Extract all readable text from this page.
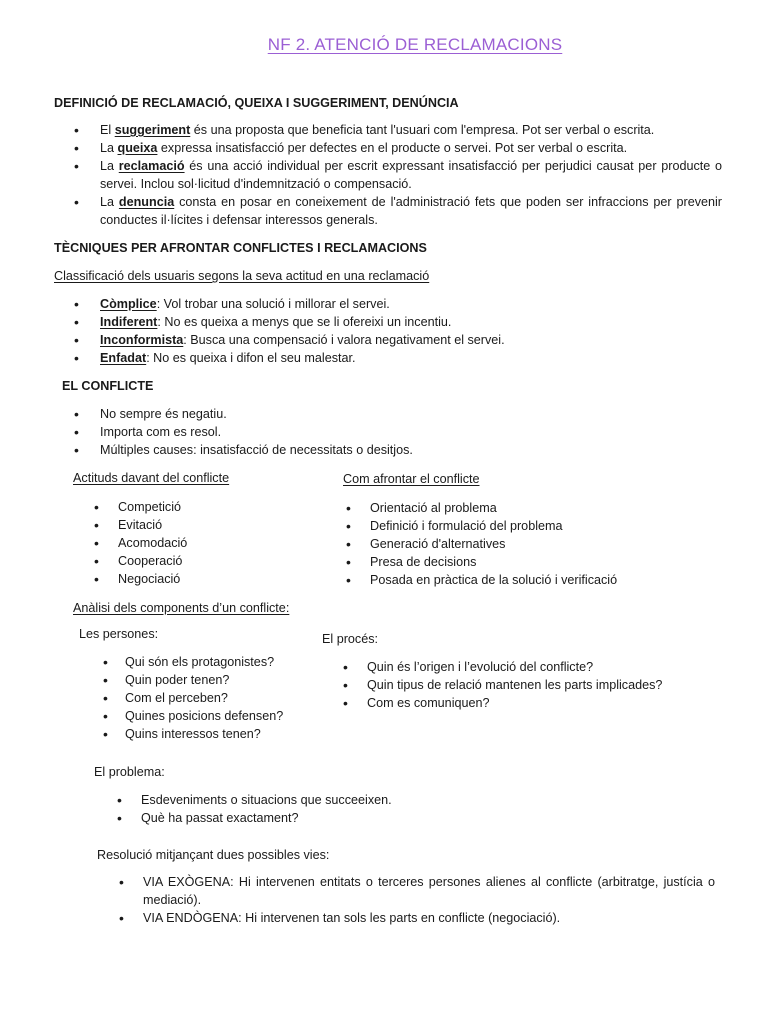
NF 2. ATENCIÓ DE RECLAMACIONS
DEFINICIÓ DE RECLAMACIÓ, QUEIXA I SUGGERIMENT, DENÚNCIA
• El suggeriment és una proposta que beneficia tant l'usuari com l'empresa. Pot ser verbal o escrita.
• La queixa expressa insatisfacció per defectes en el producte o servei. Pot ser verbal o escrita.
• La reclamació és una acció individual per escrit expressant insatisfacció per perjudici causat per producte o servei. Inclou sol·licitud d'indemnització o compensació.
• La denuncia consta en posar en coneixement de l'administració fets que poden ser infraccions per prevenir conductes il·lícites i defensar interessos generals.
TÈCNIQUES PER AFRONTAR CONFLICTES I RECLAMACIONS
Classificació dels usuaris segons la seva actitud en una reclamació
• Còmplice: Vol trobar una solució i millorar el servei.
• Indiferent: No es queixa a menys que se li ofereixi un incentiu.
• Inconformista: Busca una compensació i valora negativament el servei.
• Enfadat: No es queixa i difon el seu malestar.
EL CONFLICTE
• No sempre és negatiu.
• Importa com es resol.
• Múltiples causes: insatisfacció de necessitats o desitjos.
Actituds davant del conflicte
• Competició
• Evitació
• Acomodació
• Cooperació
• Negociació
Com afrontar el conflicte
• Orientació al problema
• Definició i formulació del problema
• Generació d'alternatives
• Presa de decisions
• Posada en pràctica de la solució i verificació
Anàlisi dels components d’un conflicte:
Les persones:
• Qui són els protagonistes?
• Quin poder tenen?
• Com el perceben?
• Quines posicions defensen?
• Quins interessos tenen?
El procés:
• Quin és l’origen i l’evolució del conflicte?
• Quin tipus de relació mantenen les parts implicades?
• Com es comuniquen?
El problema:
• Esdeveniments o situacions que succeeixen.
• Què ha passat exactament?
Resolució mitjançant dues possibles vies:
• VIA EXÒGENA: Hi intervenen entitats o terceres persones alienes al conflicte (arbitratge, justícia o mediació).
• VIA ENDÒGENA: Hi intervenen tan sols les parts en conflicte (negociació).
